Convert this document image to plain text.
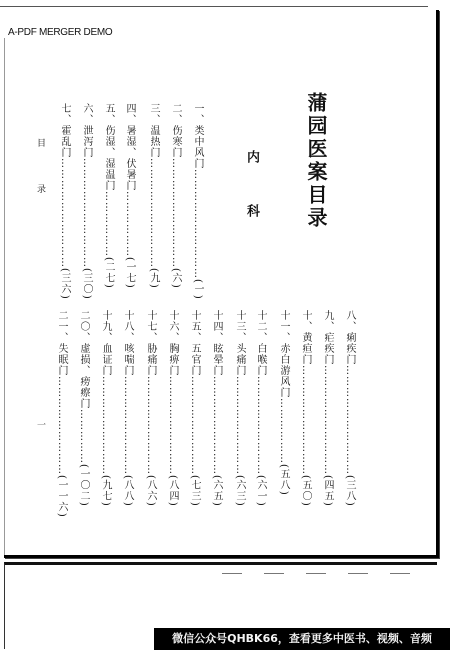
A-PDF MERGER DEMO
蒲园医案目录
内　科
一、类中风门…………………………(一)
二、伤寒门…………………………(六)
三、温热门…………………………(九)
四、暑湿、伏暑门………………(一七)
五、伤湿、湿温门………………(二七)
六、泄泻门…………………………(三〇)
七、霍乱门…………………………(三六)
八、痢疾门…………………………(三八)
九、疟疾门…………………………(四五)
十、黄疸门…………………………(五〇)
十一、赤白游风门………………(五八)
十二、白喉门………………………(六一)
十三、头痛门………………………(六三)
十四、眩晕门………………………(六五)
十五、五官门………………………(七三)
十六、胸痹门………………………(八四)
十七、胁痛门………………………(八六)
十八、咳喘门………………………(八八)
十九、血证门………………………(九七)
二〇、虚损、痨瘵门……………(一〇二)
二一、失眠门………………………(一一六)
目　录
一
微信公众号QHBK66，查看更多中医书、视频、音频
